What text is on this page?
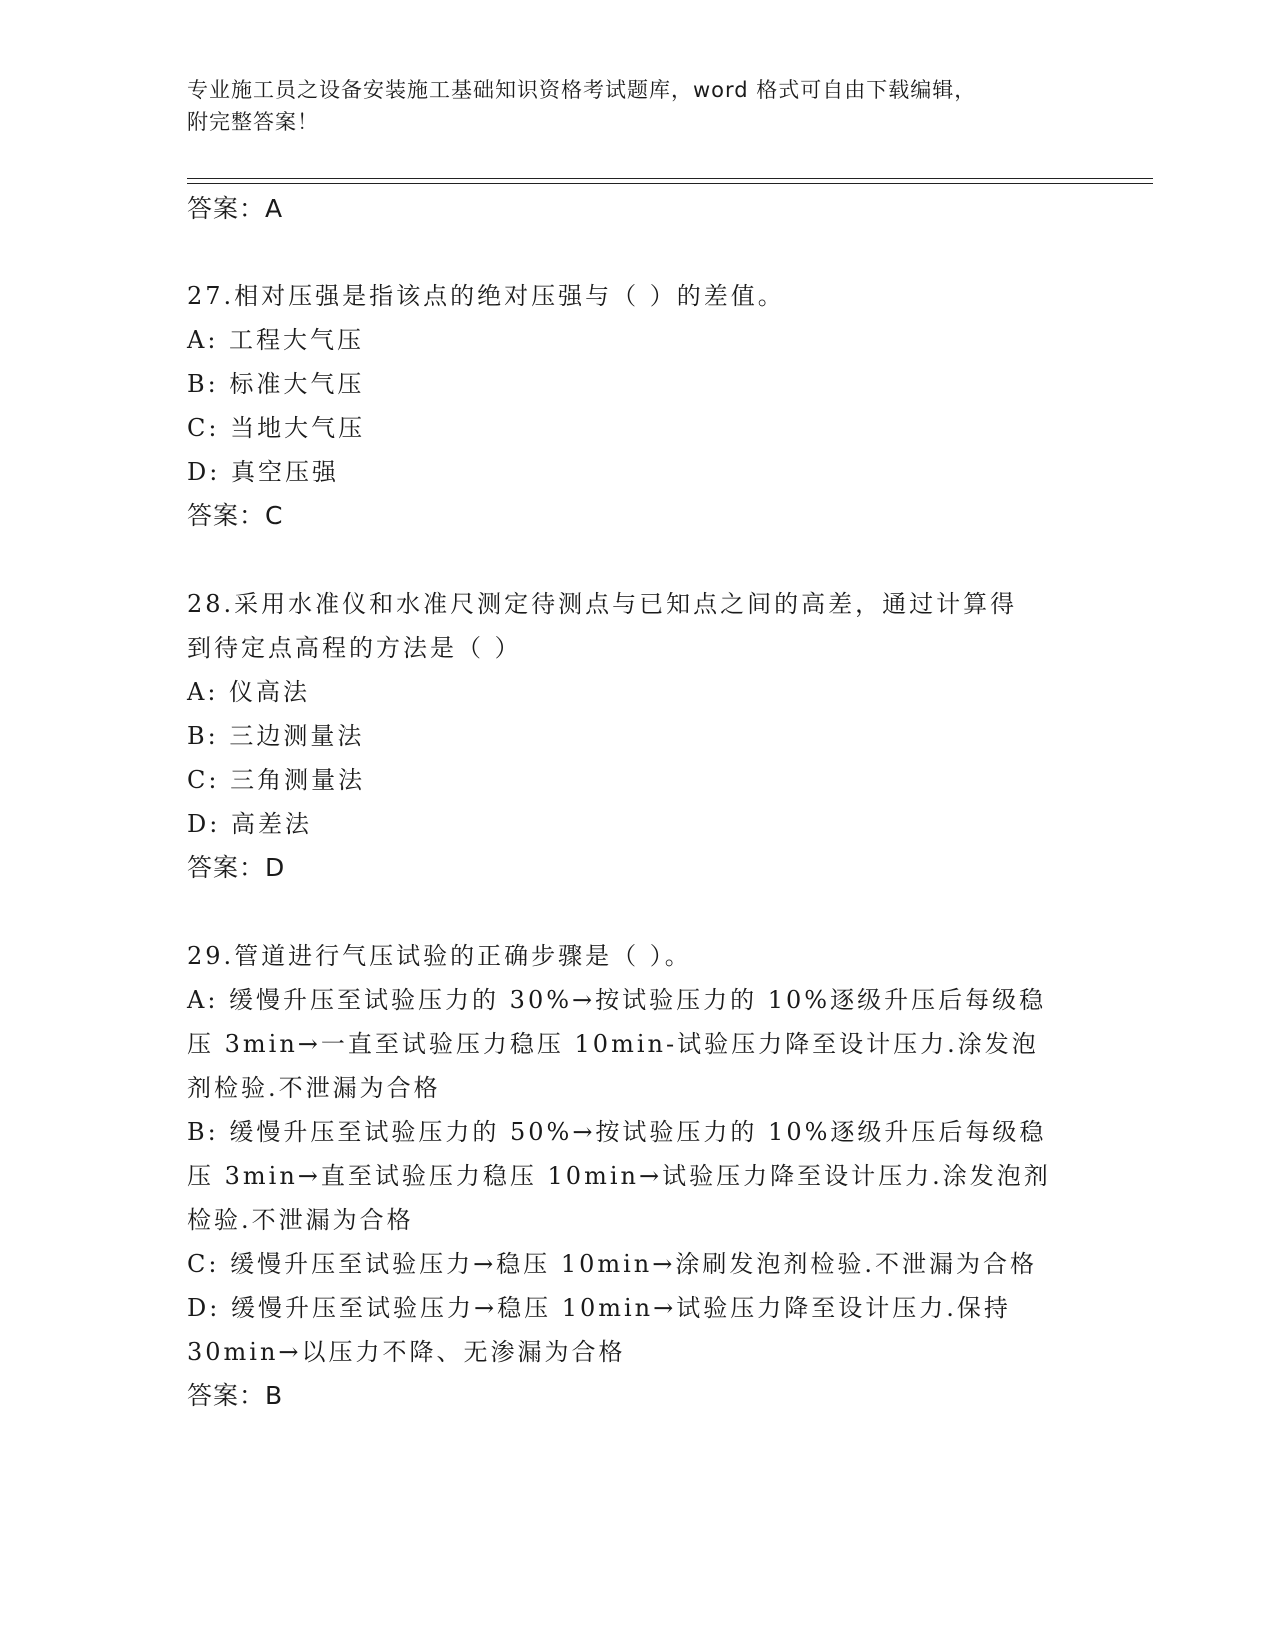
专业施工员之设备安装施工基础知识资格考试题库，word 格式可自由下载编辑，
附完整答案！
答案：A
27.相对压强是指该点的绝对压强与（ ）的差值。
A: 工程大气压
B: 标准大气压
C: 当地大气压
D: 真空压强
答案：C
28.采用水准仪和水准尺测定待测点与已知点之间的高差，通过计算得
到待定点高程的方法是（ ）
A: 仪高法
B: 三边测量法
C: 三角测量法
D: 高差法
答案：D
29.管道进行气压试验的正确步骤是（ ）。
A: 缓慢升压至试验压力的 30%→按试验压力的 10%逐级升压后每级稳
压 3min→一直至试验压力稳压 10min-试验压力降至设计压力.涂发泡
剂检验.不泄漏为合格
B: 缓慢升压至试验压力的 50%→按试验压力的 10%逐级升压后每级稳
压 3min→直至试验压力稳压 10min→试验压力降至设计压力.涂发泡剂
检验.不泄漏为合格
C: 缓慢升压至试验压力→稳压 10min→涂刷发泡剂检验.不泄漏为合格
D: 缓慢升压至试验压力→稳压 10min→试验压力降至设计压力.保持
30min→以压力不降、无渗漏为合格
答案：B
